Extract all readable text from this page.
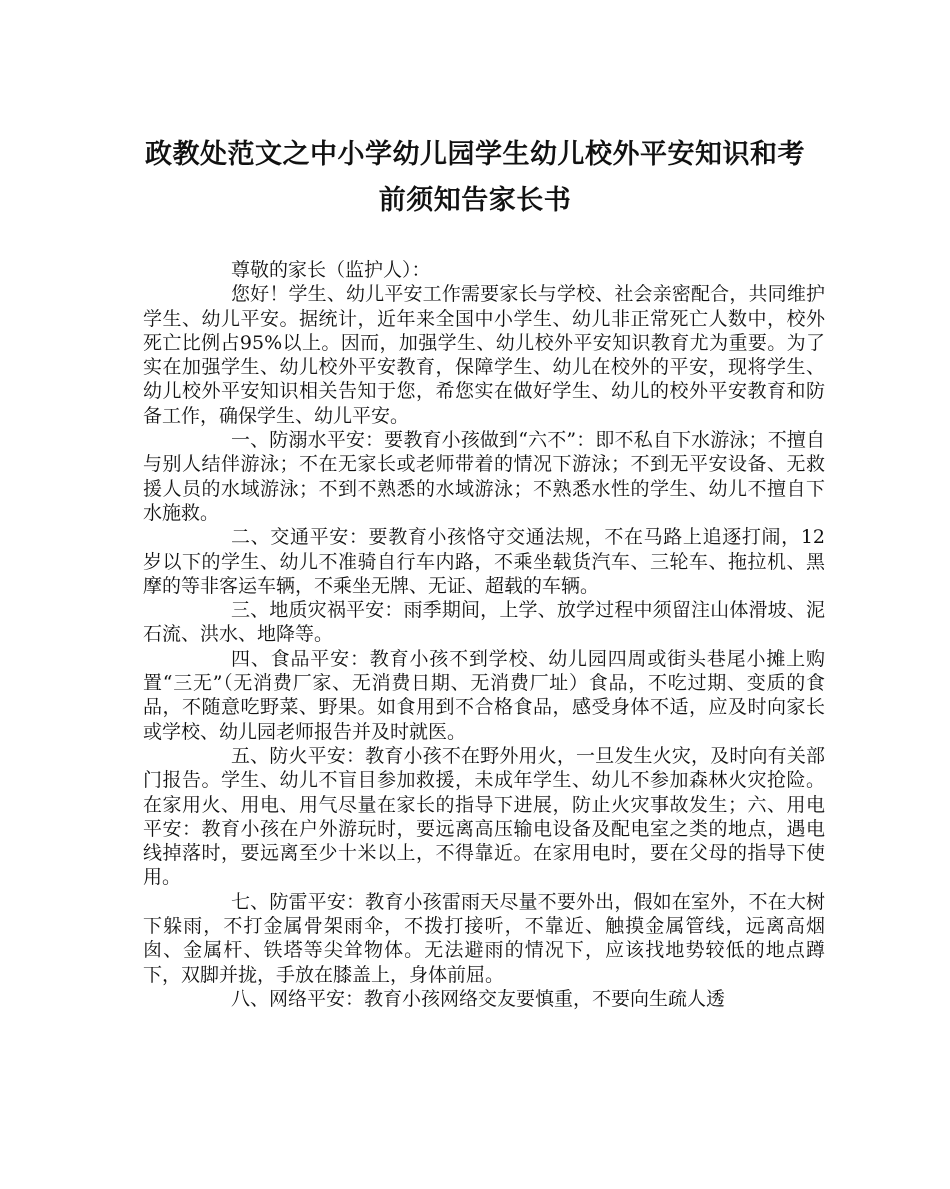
政教处范文之中小学幼儿园学生幼儿校外平安知识和考
前须知告家长书

尊敬的家长（监护人）：

您好！学生、幼儿平安工作需要家长与学校、社会亲密配合，共同维护学生、幼儿平安。据统计，近年来全国中小学生、幼儿非正常死亡人数中，校外死亡比例占95%以上。因而，加强学生、幼儿校外平安知识教育尤为重要。为了实在加强学生、幼儿校外平安教育，保障学生、幼儿在校外的平安，现将学生、幼儿校外平安知识相关告知于您，希您实在做好学生、幼儿的校外平安教育和防备工作，确保学生、幼儿平安。

一、防溺水平安：要教育小孩做到“六不”：即不私自下水游泳；不擅自与别人结伴游泳；不在无家长或老师带着的情况下游泳；不到无平安设备、无救援人员的水域游泳；不到不熟悉的水域游泳；不熟悉水性的学生、幼儿不擅自下水施救。

二、交通平安：要教育小孩恪守交通法规，不在马路上追逐打闹，12岁以下的学生、幼儿不准骑自行车内路，不乘坐载货汽车、三轮车、拖拉机、黑摩的等非客运车辆，不乘坐无牌、无证、超载的车辆。

三、地质灾祸平安：雨季期间，上学、放学过程中须留注山体滑坡、泥石流、洪水、地降等。

四、食品平安：教育小孩不到学校、幼儿园四周或街头巷尾小摊上购置“三无”（无消费厂家、无消费日期、无消费厂址）食品，不吃过期、变质的食品，不随意吃野菜、野果。如食用到不合格食品，感受身体不适，应及时向家长或学校、幼儿园老师报告并及时就医。

五、防火平安：教育小孩不在野外用火，一旦发生火灾，及时向有关部门报告。学生、幼儿不盲目参加救援，未成年学生、幼儿不参加森林火灾抢险。在家用火、用电、用气尽量在家长的指导下进展，防止火灾事故发生；六、用电平安：教育小孩在户外游玩时，要远离高压输电设备及配电室之类的地点，遇电线掉落时，要远离至少十米以上，不得靠近。在家用电时，要在父母的指导下使用。

七、防雷平安：教育小孩雷雨天尽量不要外出，假如在室外，不在大树下躲雨，不打金属骨架雨伞，不拨打接听，不靠近、触摸金属管线，远离高烟囱、金属杆、铁塔等尖耸物体。无法避雨的情况下，应该找地势较低的地点蹲下，双脚并拢，手放在膝盖上，身体前屈。

八、网络平安：教育小孩网络交友要慎重，不要向生疏人透
